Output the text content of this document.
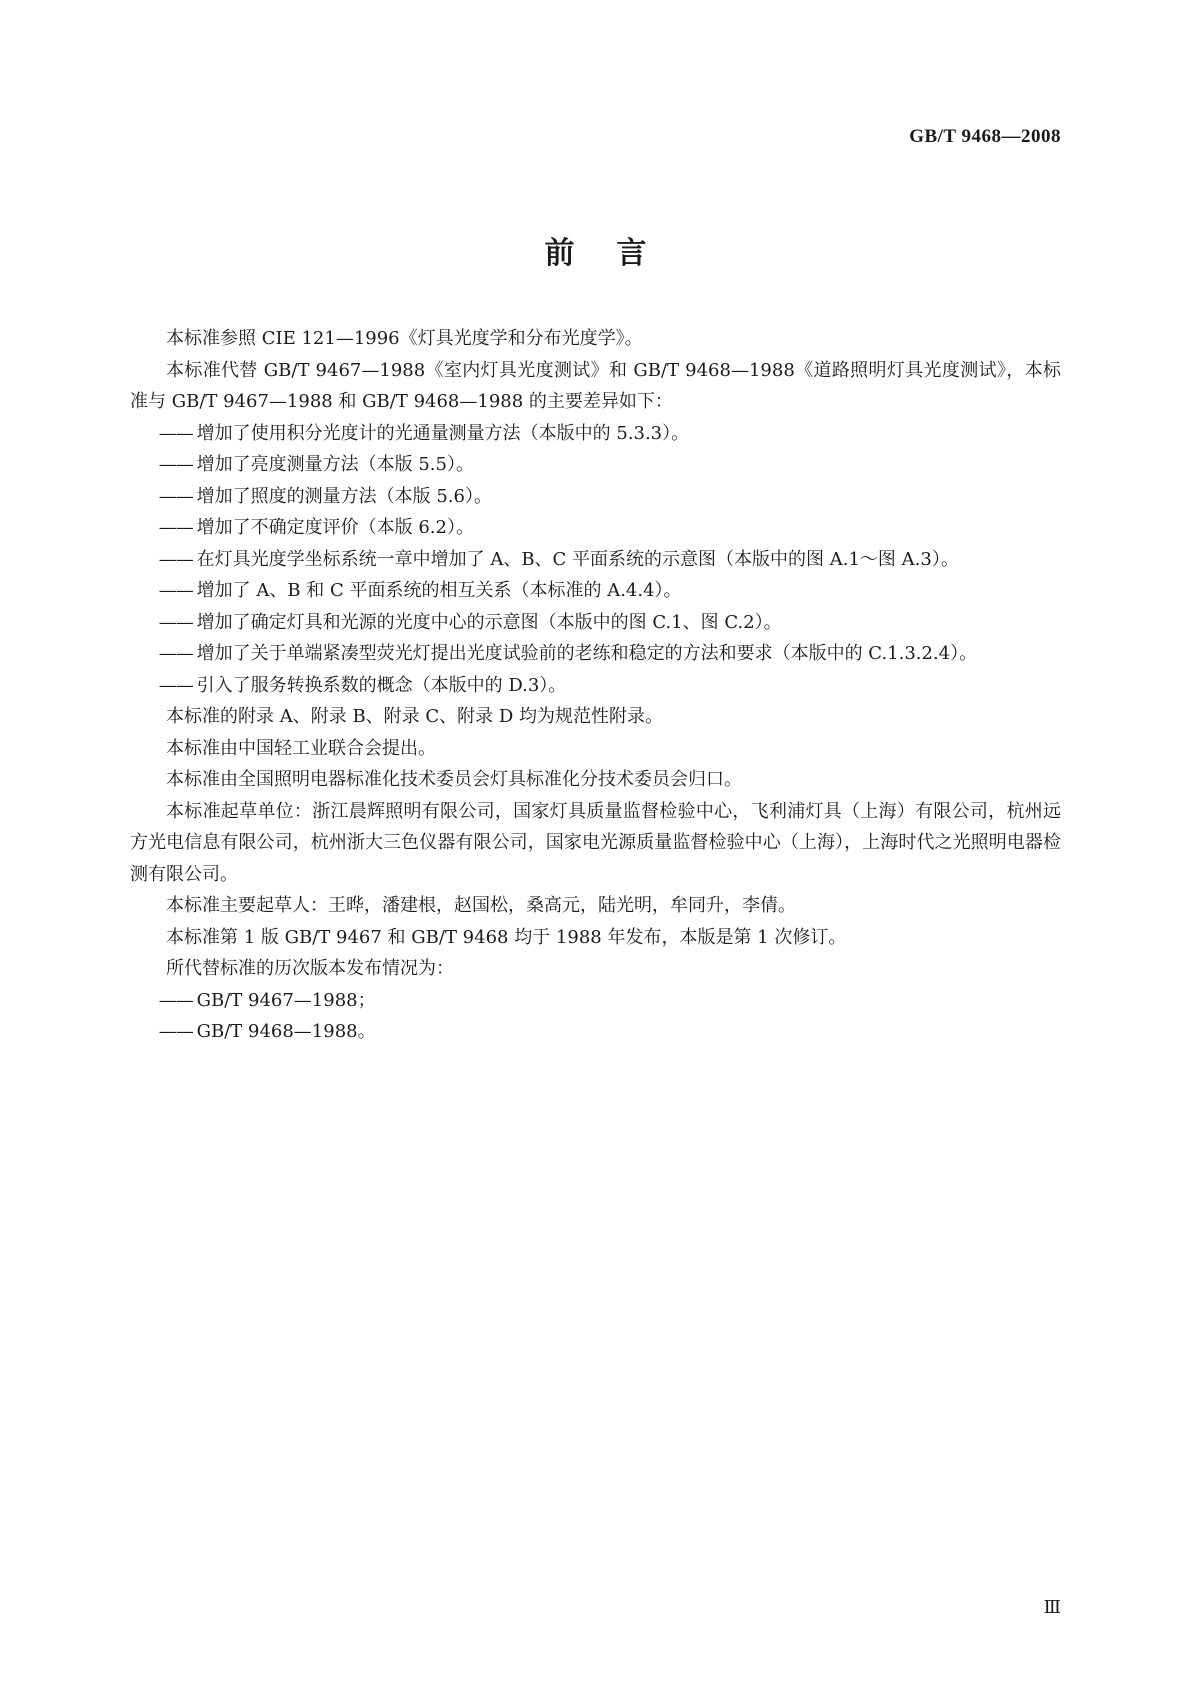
GB/T 9468—2008
前言

本标准参照 CIE 121—1996《灯具光度学和分布光度学》。

本标准代替 GB/T 9467—1988《室内灯具光度测试》和 GB/T 9468—1988《道路照明灯具光度测试》，本标准与 GB/T 9467—1988 和 GB/T 9468—1988 的主要差异如下：

—— 增加了使用积分光度计的光通量测量方法（本版中的 5.3.3）。

—— 增加了亮度测量方法（本版 5.5）。

—— 增加了照度的测量方法（本版 5.6）。

—— 增加了不确定度评价（本版 6.2）。

—— 在灯具光度学坐标系统一章中增加了 A、B、C 平面系统的示意图（本版中的图 A.1～图 A.3）。

—— 增加了 A、B 和 C 平面系统的相互关系（本标准的 A.4.4）。

—— 增加了确定灯具和光源的光度中心的示意图（本版中的图 C.1、图 C.2）。

—— 增加了关于单端紧凑型荧光灯提出光度试验前的老练和稳定的方法和要求（本版中的 C.1.3.2.4）。

—— 引入了服务转换系数的概念（本版中的 D.3）。

本标准的附录 A、附录 B、附录 C、附录 D 均为规范性附录。

本标准由中国轻工业联合会提出。

本标准由全国照明电器标准化技术委员会灯具标准化分技术委员会归口。

本标准起草单位：浙江晨辉照明有限公司，国家灯具质量监督检验中心，飞利浦灯具（上海）有限公司，杭州远方光电信息有限公司，杭州浙大三色仪器有限公司，国家电光源质量监督检验中心（上海），上海时代之光照明电器检测有限公司。

本标准主要起草人：王晔，潘建根，赵国松，桑高元，陆光明，牟同升，李倩。

本标准第 1 版 GB/T 9467 和 GB/T 9468 均于 1988 年发布，本版是第 1 次修订。

所代替标准的历次版本发布情况为：

—— GB/T 9467—1988；

—— GB/T 9468—1988。

Ⅲ
